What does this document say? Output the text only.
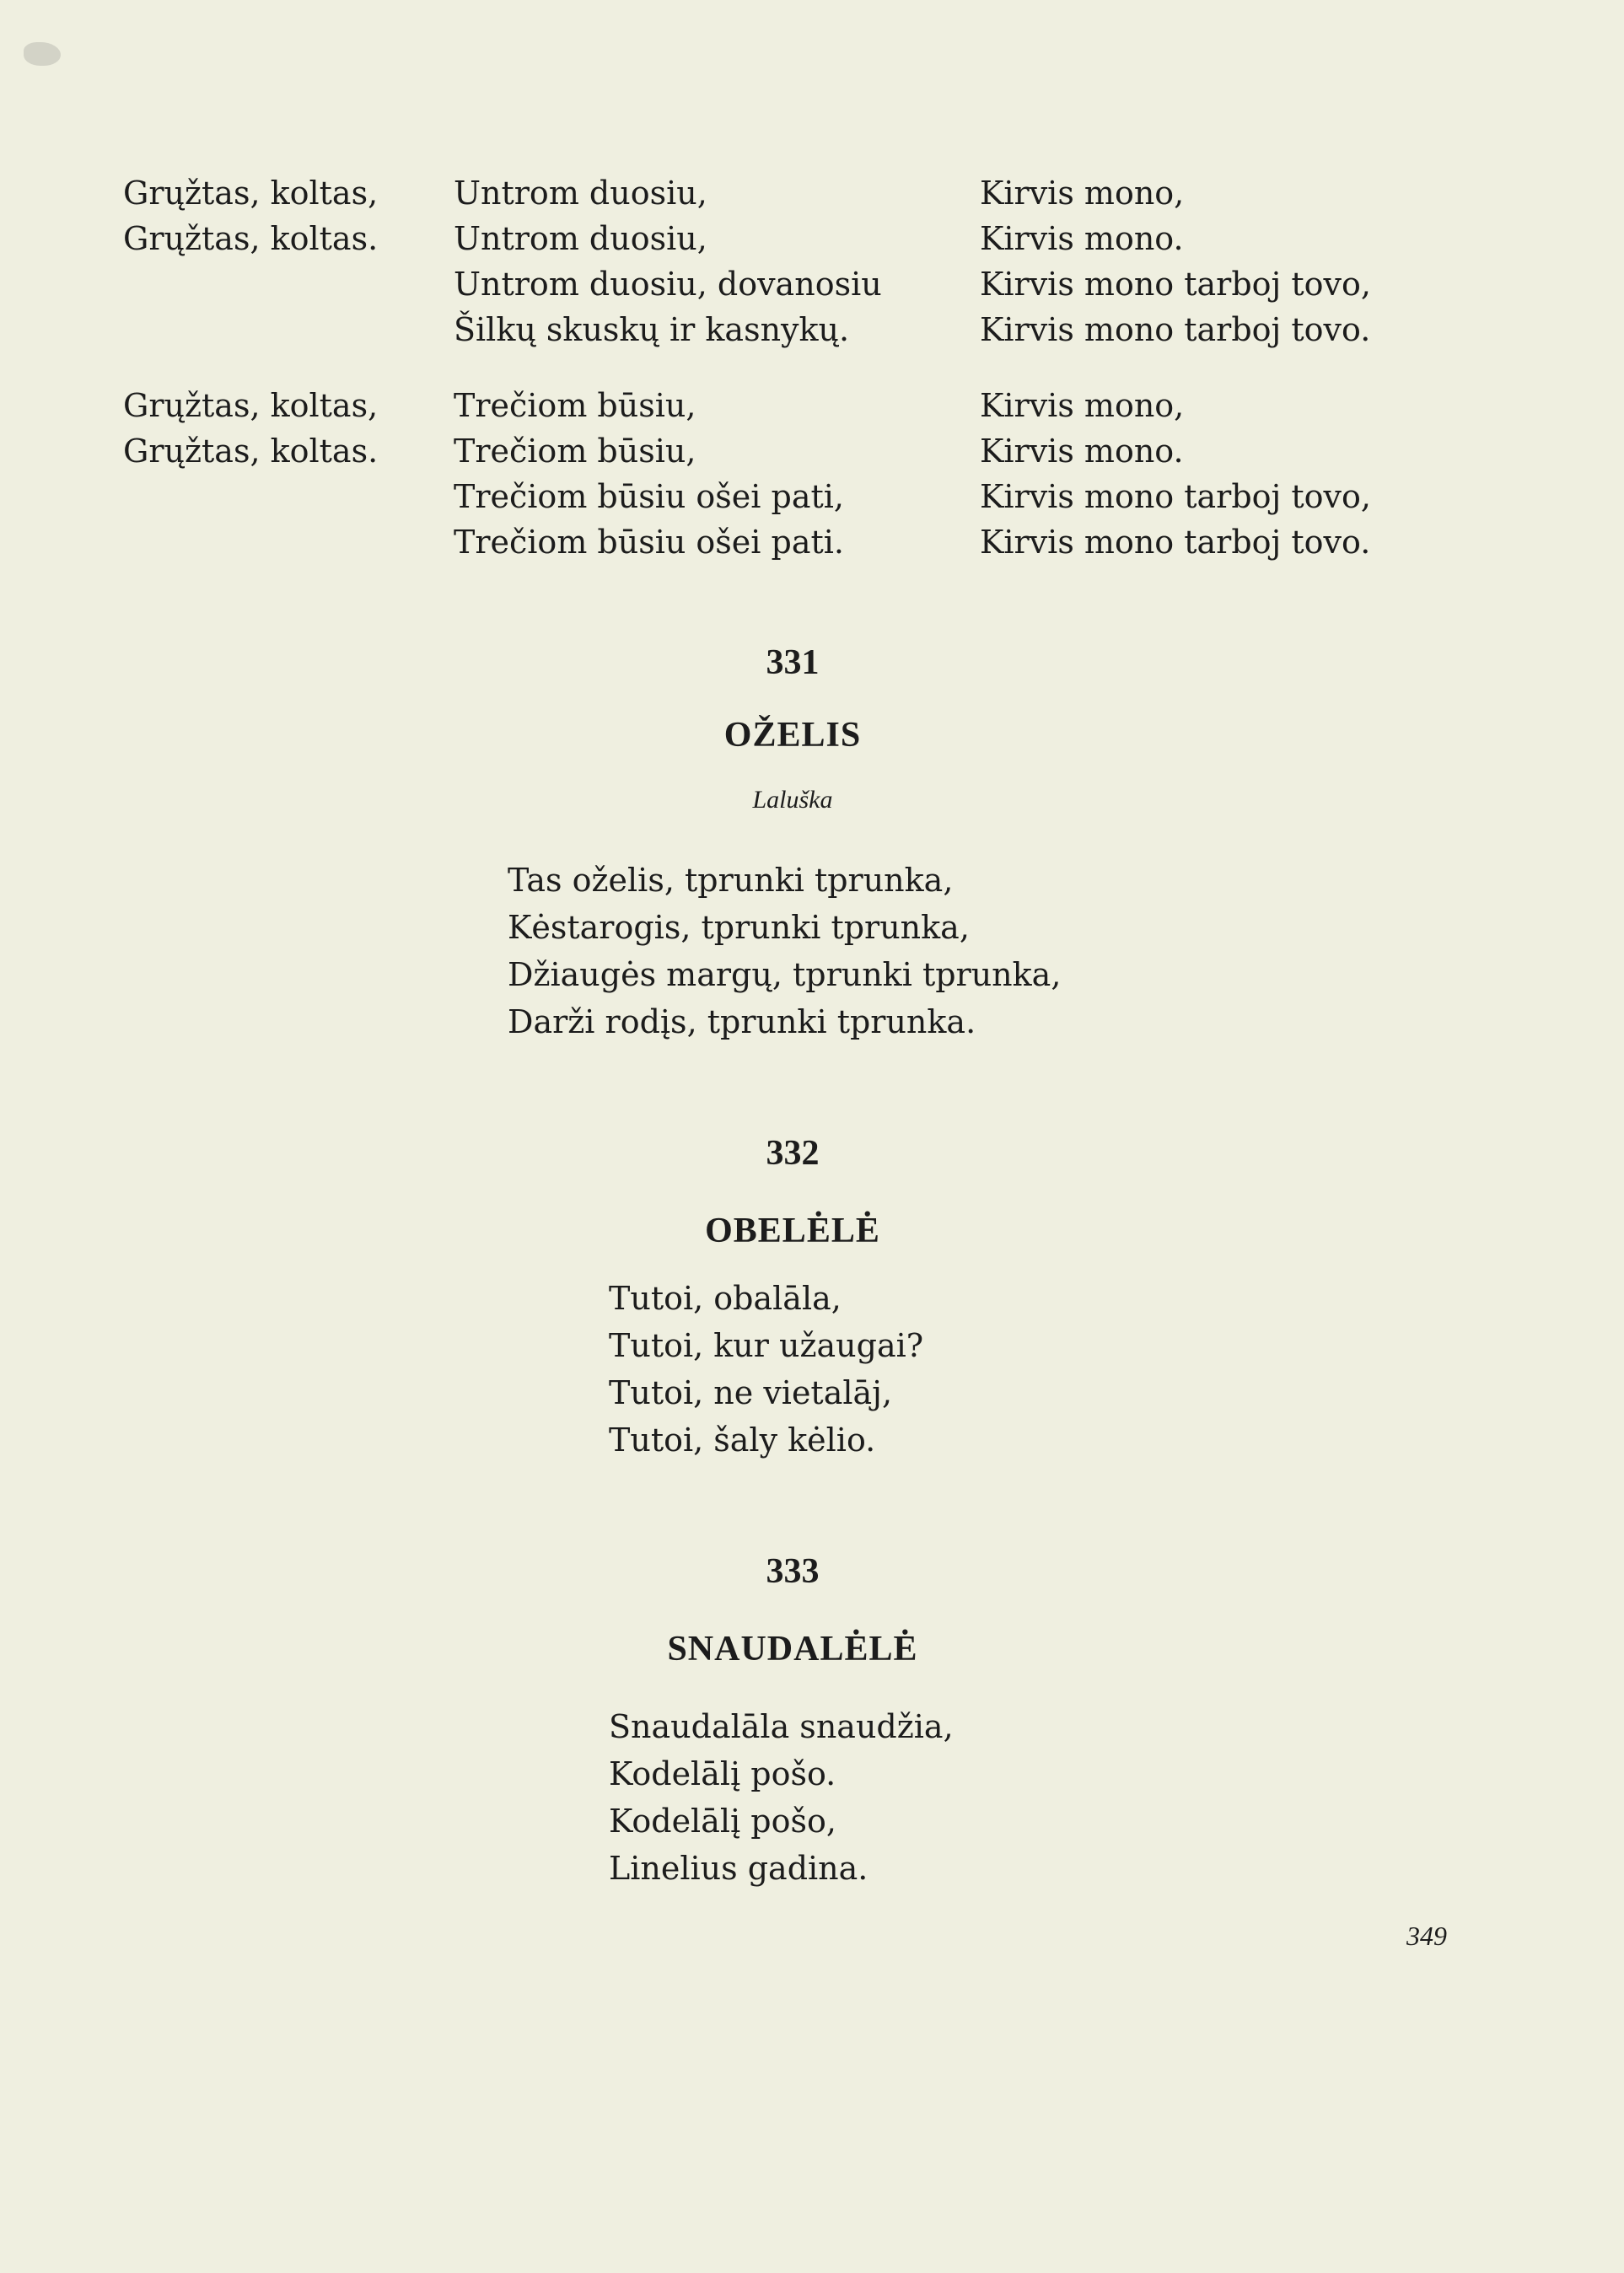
Grųžtas, koltas,
Grųžtas, koltas.
Grųžtas, koltas,
Grųžtas, koltas.
Untrom duosiu,
Untrom duosiu,
Untrom duosiu, dovanosiu
Šilkų skuskų ir kasnykų.
Trečiom būsiu,
Trečiom būsiu,
Trečiom būsiu ošei pati,
Trečiom būsiu ošei pati.
Kirvis mono,
Kirvis mono.
Kirvis mono tarboj tovo,
Kirvis mono tarboj tovo.
Kirvis mono,
Kirvis mono.
Kirvis mono tarboj tovo,
Kirvis mono tarboj tovo.
331
OŽELIS
Laluška
Tas oželis, tprunki tprunka,
Kėstarogis, tprunki tprunka,
Džiaugės margų, tprunki tprunka,
Darži rodįs, tprunki tprunka.
332
OBELĖLĖ
Tutoi, obalāla,
Tutoi, kur užaugai?
Tutoi, ne vietalāj,
Tutoi, šaly kėlio.
333
SNAUDALĖLĖ
Snaudalāla snaudžia,
Kodelālį pošo.
Kodelālį pošo,
Linelius gadina.
349
